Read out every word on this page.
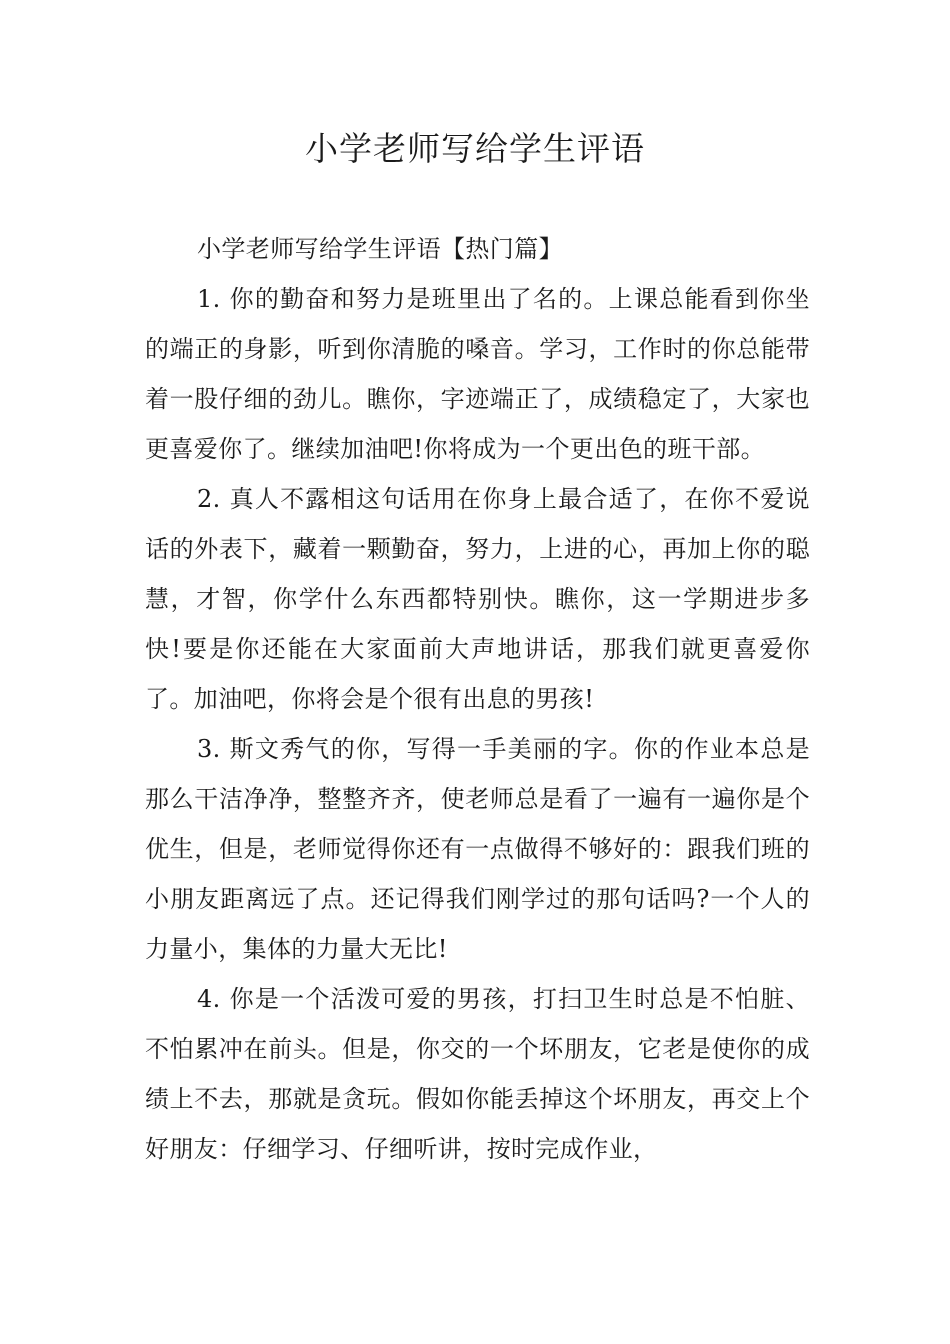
小学老师写给学生评语

小学老师写给学生评语【热门篇】

1. 你的勤奋和努力是班里出了名的。上课总能看到你坐的端正的身影，听到你清脆的嗓音。学习，工作时的你总能带着一股仔细的劲儿。瞧你，字迹端正了，成绩稳定了，大家也更喜爱你了。继续加油吧!你将成为一个更出色的班干部。

2. 真人不露相这句话用在你身上最合适了，在你不爱说话的外表下，藏着一颗勤奋，努力，上进的心，再加上你的聪慧，才智，你学什么东西都特别快。瞧你，这一学期进步多快!要是你还能在大家面前大声地讲话，那我们就更喜爱你了。加油吧，你将会是个很有出息的男孩!

3. 斯文秀气的你，写得一手美丽的字。你的作业本总是那么干洁净净，整整齐齐，使老师总是看了一遍有一遍你是个优生，但是，老师觉得你还有一点做得不够好的：跟我们班的小朋友距离远了点。还记得我们刚学过的那句话吗?一个人的力量小，集体的力量大无比!

4. 你是一个活泼可爱的男孩，打扫卫生时总是不怕脏、不怕累冲在前头。但是，你交的一个坏朋友，它老是使你的成绩上不去，那就是贪玩。假如你能丢掉这个坏朋友，再交上个好朋友：仔细学习、仔细听讲，按时完成作业，
